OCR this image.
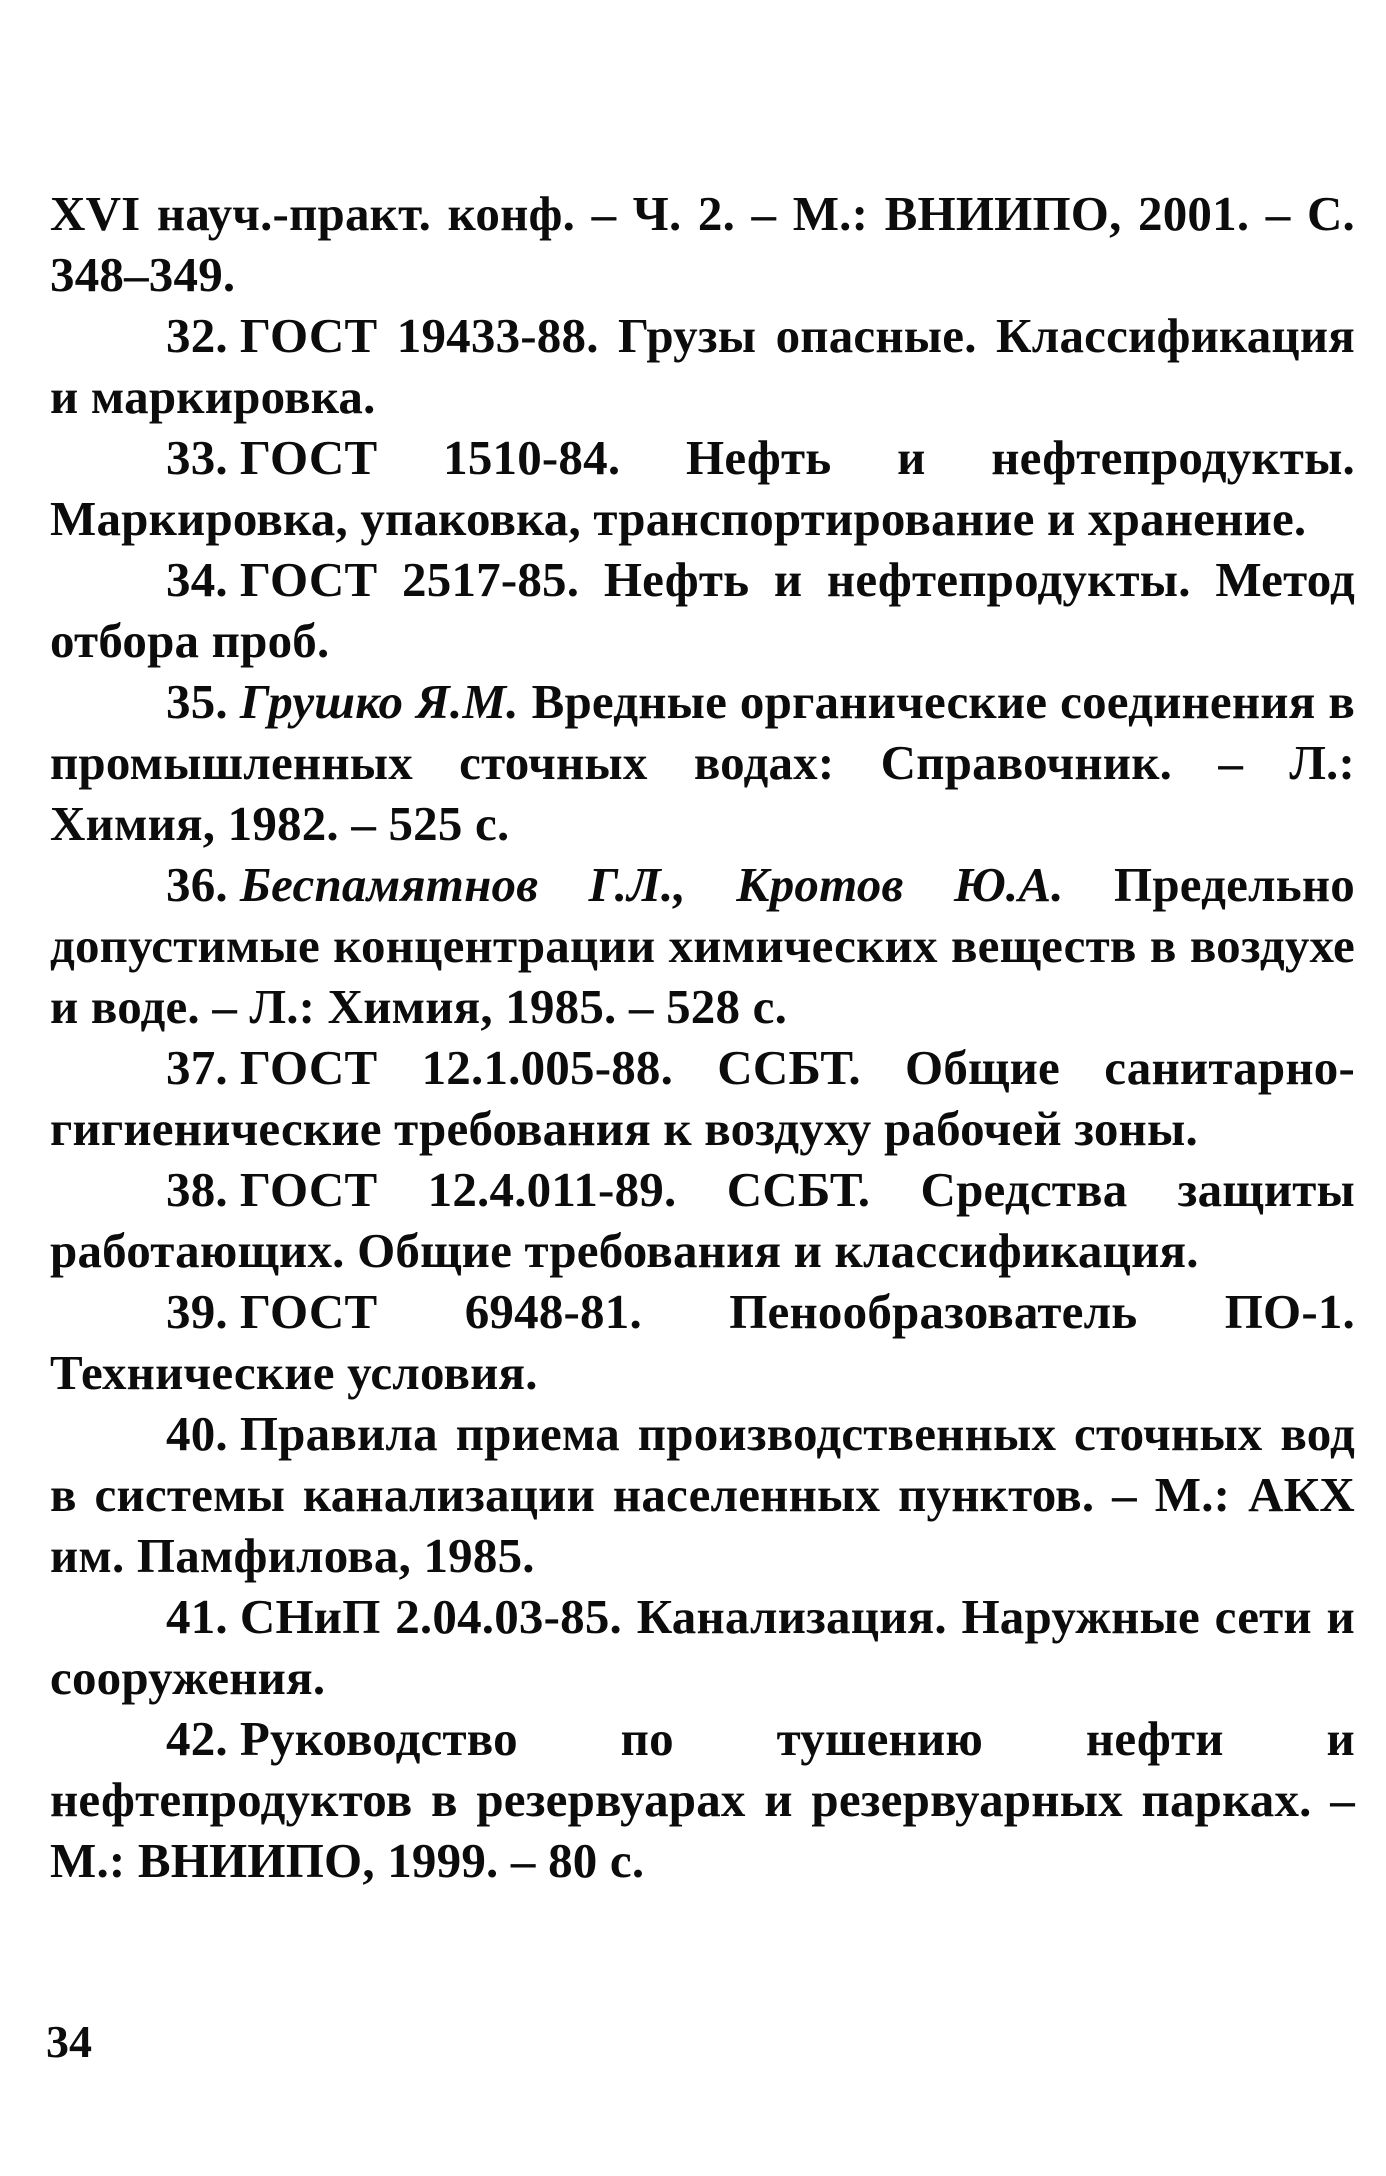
XVI науч.-практ. конф. – Ч. 2. – М.: ВНИИПО, 2001. – С. 348–349.

32. ГОСТ 19433-88. Грузы опасные. Классификация и маркировка.

33. ГОСТ 1510-84. Нефть и нефтепродукты. Маркировка, упаковка, транспортирование и хранение.

34. ГОСТ 2517-85. Нефть и нефтепродукты. Метод отбора проб.

35. Грушко Я.М. Вредные органические соединения в промышленных сточных водах: Справочник. – Л.: Химия, 1982. – 525 с.

36. Беспамятнов Г.Л., Кротов Ю.А. Предельно допустимые концентрации химических веществ в воздухе и воде. – Л.: Химия, 1985. – 528 с.

37. ГОСТ 12.1.005-88. ССБТ. Общие санитарно-гигиенические требования к воздуху рабочей зоны.

38. ГОСТ 12.4.011-89. ССБТ. Средства защиты работающих. Общие требования и классификация.

39. ГОСТ 6948-81. Пенообразователь ПО-1. Технические условия.

40. Правила приема производственных сточных вод в системы канализации населенных пунктов. – М.: АКХ им. Памфилова, 1985.

41. СНиП 2.04.03-85. Канализация. Наружные сети и сооружения.

42. Руководство по тушению нефти и нефтепродуктов в резервуарах и резервуарных парках. – М.: ВНИИПО, 1999. – 80 с.

34
